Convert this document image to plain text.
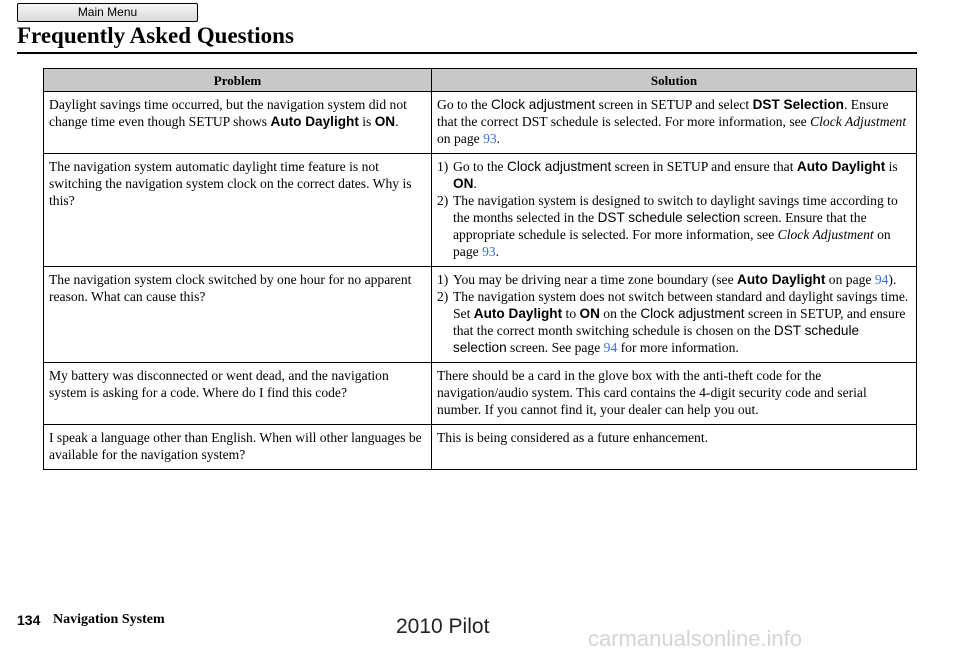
Main Menu
Frequently Asked Questions
Problem	Solution
Daylight savings time occurred, but the navigation system did not change time even though SETUP shows Auto Daylight is ON.	Go to the Clock adjustment screen in SETUP and select DST Selection. Ensure that the correct DST schedule is selected. For more information, see Clock Adjustment on page 93.
The navigation system automatic daylight time feature is not switching the navigation system clock on the correct dates. Why is this?	1) Go to the Clock adjustment screen in SETUP and ensure that Auto Daylight is ON.
2) The navigation system is designed to switch to daylight savings time according to the months selected in the DST schedule selection screen. Ensure that the appropriate schedule is selected. For more information, see Clock Adjustment on page 93.

The navigation system clock switched by one hour for no apparent reason. What can cause this?	1) You may be driving near a time zone boundary (see Auto Daylight on page 94).
2) The navigation system does not switch between standard and daylight savings time. Set Auto Daylight to ON on the Clock adjustment screen in SETUP, and ensure that the correct month switching schedule is chosen on the DST schedule selection screen. See page 94 for more information.

My battery was disconnected or went dead, and the navigation system is asking for a code. Where do I find this code?	There should be a card in the glove box with the anti-theft code for the navigation/audio system. This card contains the 4-digit security code and serial number. If you cannot find it, your dealer can help you out.
I speak a language other than English. When will other languages be available for the navigation system?	This is being considered as a future enhancement.
134 Navigation System	2010 Pilot	carmanualsonline.info
